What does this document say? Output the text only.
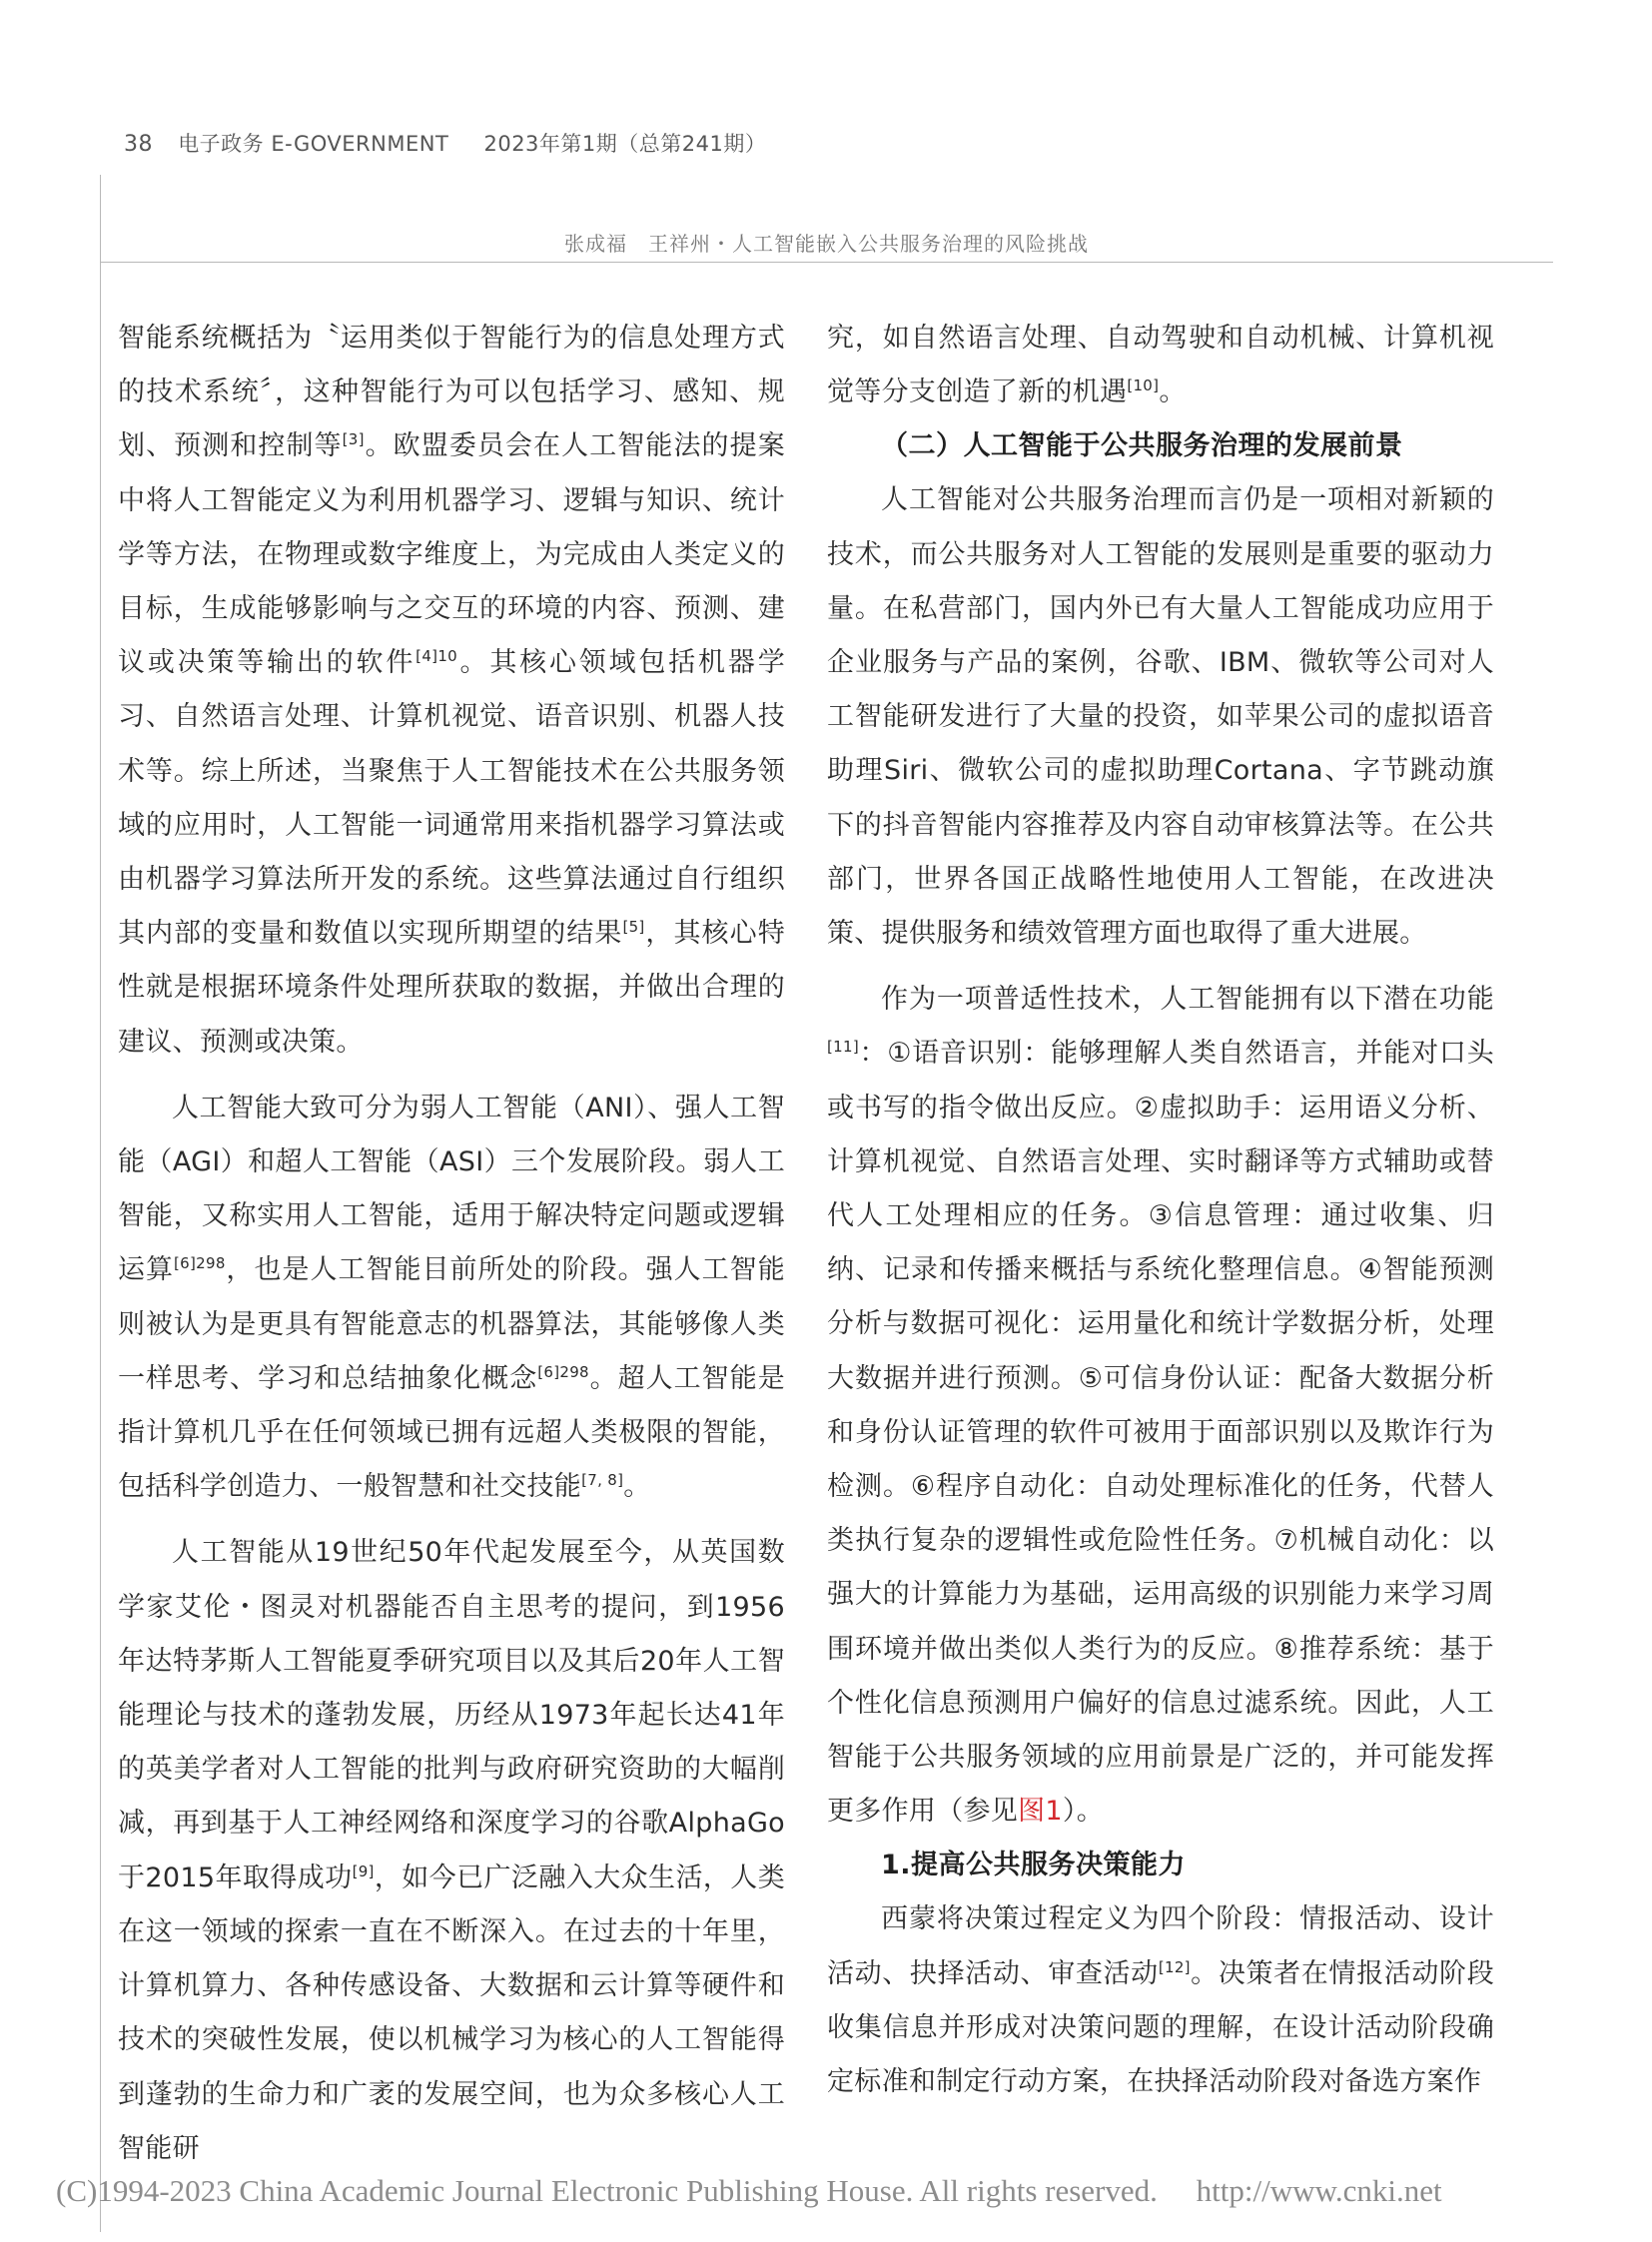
38 电子政务 E-GOVERNMENT 2023年第1期（总第241期）
张成福　王祥州・人工智能嵌入公共服务治理的风险挑战

智能系统概括为〝运用类似于智能行为的信息处理方式的技术系统〞，这种智能行为可以包括学习、感知、规划、预测和控制等[3]。欧盟委员会在人工智能法的提案中将人工智能定义为利用机器学习、逻辑与知识、统计学等方法，在物理或数字维度上，为完成由人类定义的目标，生成能够影响与之交互的环境的内容、预测、建议或决策等输出的软件$^{[4]10}$。其核心领域包括机器学习、自然语言处理、计算机视觉、语音识别、机器人技术等。综上所述，当聚焦于人工智能技术在公共服务领域的应用时，人工智能一词通常用来指机器学习算法或由机器学习算法所开发的系统。这些算法通过自行组织其内部的变量和数值以实现所期望的结果[5]，其核心特性就是根据环境条件处理所获取的数据，并做出合理的建议、预测或决策。

人工智能大致可分为弱人工智能（ANI）、强人工智能（AGI）和超人工智能（ASI）三个发展阶段。弱人工智能，又称实用人工智能，适用于解决特定问题或逻辑运算$^{[6]298}$，也是人工智能目前所处的阶段。强人工智能则被认为是更具有智能意志的机器算法，其能够像人类一样思考、学习和总结抽象化概念$^{[6]298}$。超人工智能是指计算机几乎在任何领域已拥有远超人类极限的智能，包括科学创造力、一般智慧和社交技能[7, 8]。

人工智能从19世纪50年代起发展至今，从英国数学家艾伦・图灵对机器能否自主思考的提问，到1956年达特茅斯人工智能夏季研究项目以及其后20年人工智能理论与技术的蓬勃发展，历经从1973年起长达41年的英美学者对人工智能的批判与政府研究资助的大幅削减，再到基于人工神经网络和深度学习的谷歌AlphaGo于2015年取得成功[9]，如今已广泛融入大众生活，人类在这一领域的探索一直在不断深入。在过去的十年里，计算机算力、各种传感设备、大数据和云计算等硬件和技术的突破性发展，使以机械学习为核心的人工智能得到蓬勃的生命力和广袤的发展空间，也为众多核心人工智能研

究，如自然语言处理、自动驾驶和自动机械、计算机视觉等分支创造了新的机遇[10]。

（二）人工智能于公共服务治理的发展前景

人工智能对公共服务治理而言仍是一项相对新颖的技术，而公共服务对人工智能的发展则是重要的驱动力量。在私营部门，国内外已有大量人工智能成功应用于企业服务与产品的案例，谷歌、IBM、微软等公司对人工智能研发进行了大量的投资，如苹果公司的虚拟语音助理Siri、微软公司的虚拟助理Cortana、字节跳动旗下的抖音智能内容推荐及内容自动审核算法等。在公共部门，世界各国正战略性地使用人工智能，在改进决策、提供服务和绩效管理方面也取得了重大进展。

作为一项普适性技术，人工智能拥有以下潜在功能[11]：①语音识别：能够理解人类自然语言，并能对口头或书写的指令做出反应。②虚拟助手：运用语义分析、计算机视觉、自然语言处理、实时翻译等方式辅助或替代人工处理相应的任务。③信息管理：通过收集、归纳、记录和传播来概括与系统化整理信息。④智能预测分析与数据可视化：运用量化和统计学数据分析，处理大数据并进行预测。⑤可信身份认证：配备大数据分析和身份认证管理的软件可被用于面部识别以及欺诈行为检测。⑥程序自动化：自动处理标准化的任务，代替人类执行复杂的逻辑性或危险性任务。⑦机械自动化：以强大的计算能力为基础，运用高级的识别能力来学习周围环境并做出类似人类行为的反应。⑧推荐系统：基于个性化信息预测用户偏好的信息过滤系统。因此，人工智能于公共服务领域的应用前景是广泛的，并可能发挥更多作用（参见图1）。

1.提高公共服务决策能力

西蒙将决策过程定义为四个阶段：情报活动、设计活动、抉择活动、审查活动[12]。决策者在情报活动阶段收集信息并形成对决策问题的理解，在设计活动阶段确定标准和制定行动方案，在抉择活动阶段对备选方案作

(C)1994-2023 China Academic Journal Electronic Publishing House. All rights reserved.　 http://www.cnki.net
